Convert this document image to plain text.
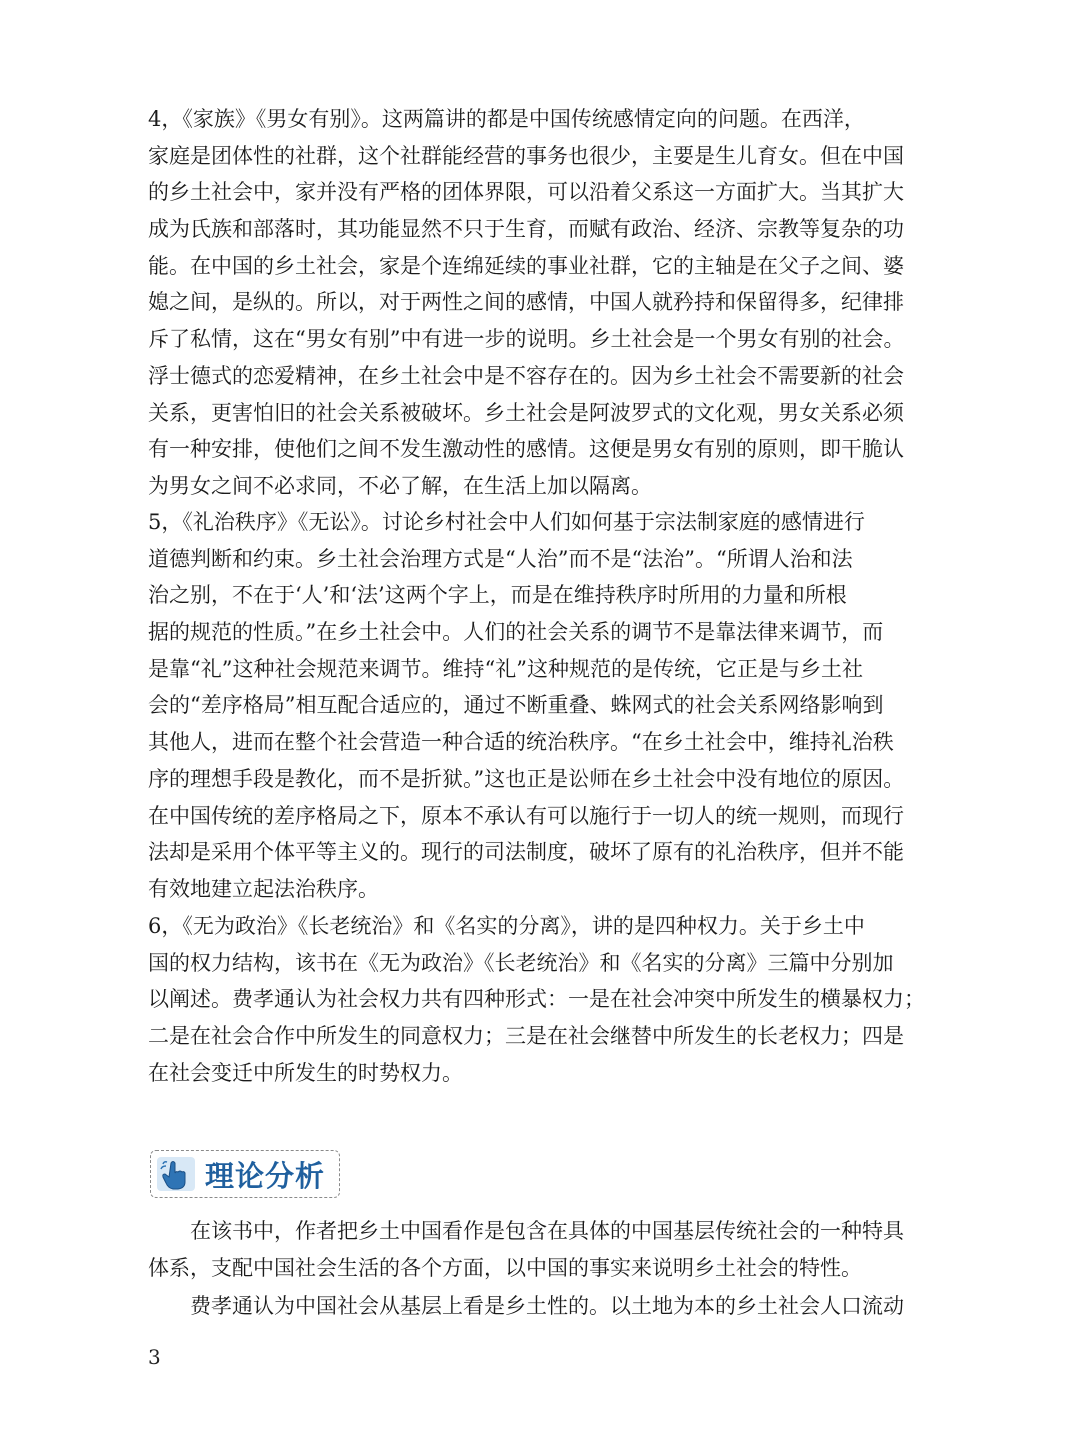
4，《家族》《男女有别》。这两篇讲的都是中国传统感情定向的问题。在西洋，
家庭是团体性的社群，这个社群能经营的事务也很少，主要是生儿育女。但在中国
的乡土社会中，家并没有严格的团体界限，可以沿着父系这一方面扩大。当其扩大
成为氏族和部落时，其功能显然不只于生育，而赋有政治、经济、宗教等复杂的功
能。在中国的乡土社会，家是个连绵延续的事业社群，它的主轴是在父子之间、婆
媳之间，是纵的。所以，对于两性之间的感情，中国人就矜持和保留得多，纪律排
斥了私情，这在“男女有别”中有进一步的说明。乡土社会是一个男女有别的社会。
浮士德式的恋爱精神，在乡土社会中是不容存在的。因为乡土社会不需要新的社会
关系，更害怕旧的社会关系被破坏。乡土社会是阿波罗式的文化观，男女关系必须
有一种安排，使他们之间不发生激动性的感情。这便是男女有别的原则，即干脆认
为男女之间不必求同，不必了解，在生活上加以隔离。
5，《礼治秩序》《无讼》。讨论乡村社会中人们如何基于宗法制家庭的感情进行
道德判断和约束。乡土社会治理方式是“人治”而不是“法治”。“所谓人治和法
治之别，不在于‘人’和‘法’这两个字上，而是在维持秩序时所用的力量和所根
据的规范的性质。”在乡土社会中。人们的社会关系的调节不是靠法律来调节，而
是靠“礼”这种社会规范来调节。维持“礼”这种规范的是传统，它正是与乡土社
会的“差序格局”相互配合适应的，通过不断重叠、蛛网式的社会关系网络影响到
其他人，进而在整个社会营造一种合适的统治秩序。“在乡土社会中，维持礼治秩
序的理想手段是教化，而不是折狱。”这也正是讼师在乡土社会中没有地位的原因。
在中国传统的差序格局之下，原本不承认有可以施行于一切人的统一规则，而现行
法却是采用个体平等主义的。现行的司法制度，破坏了原有的礼治秩序，但并不能
有效地建立起法治秩序。
6，《无为政治》《长老统治》和《名实的分离》，讲的是四种权力。关于乡土中
国的权力结构，该书在《无为政治》《长老统治》和《名实的分离》三篇中分别加
以阐述。费孝通认为社会权力共有四种形式：一是在社会冲突中所发生的横暴权力；
二是在社会合作中所发生的同意权力；三是在社会继替中所发生的长老权力；四是
在社会变迁中所发生的时势权力。
理论分析
在该书中，作者把乡土中国看作是包含在具体的中国基层传统社会的一种特具
体系，支配中国社会生活的各个方面，以中国的事实来说明乡土社会的特性。
费孝通认为中国社会从基层上看是乡土性的。以土地为本的乡土社会人口流动
3
